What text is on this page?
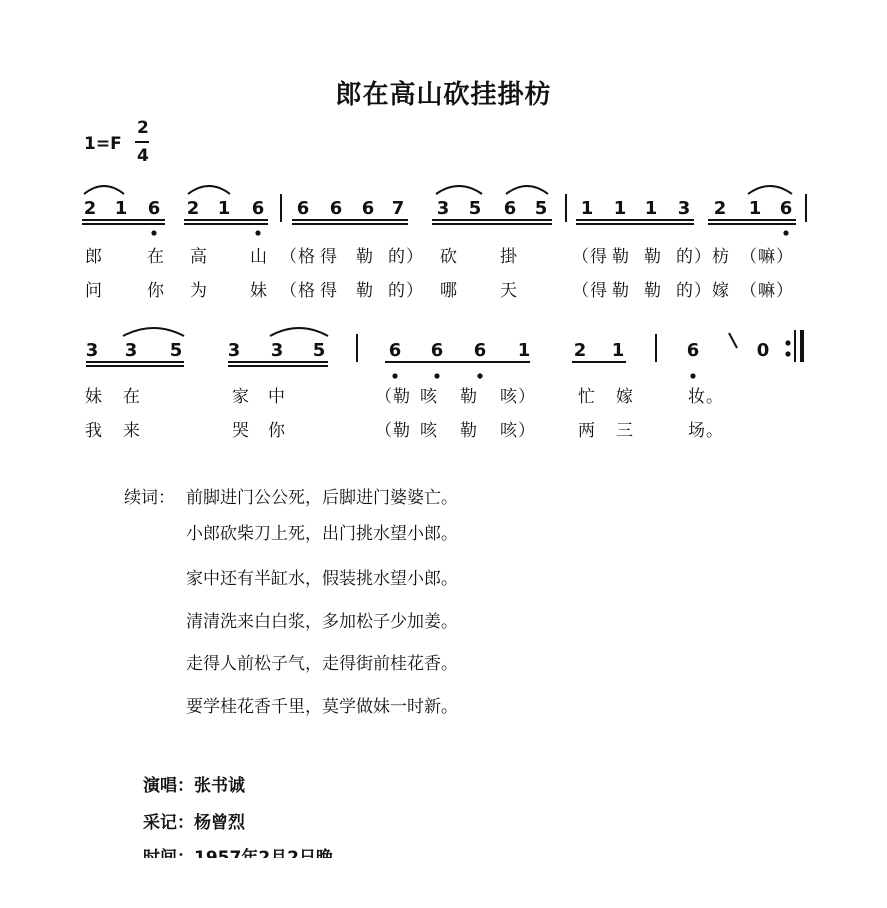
郎在高山砍挂掛枋
1=F
2
4
2 1 6 2 1 6 6 6 6 7 3 5 6 5 1 1 1 3 2 1 6
郎	在 高 山 （格 得 勒 的） 砍 掛	（得 勒 勒 的） 枋 （嘛）
问	你 为 妹 （格 得 勒 的） 哪 天	（得 勒 勒 的） 嫁 （嘛）
3 3 5	3 3 5	6 6 6 1 2 1	6	0
妹 在	家 中	（勒 咳 勒 咳） 忙 嫁	妆。
我 来	哭 你	（勒 咳 勒 咳） 两 三	场。
续词： 前脚进门公公死，后脚进门婆婆亡。
小郎砍柴刀上死，出门挑水望小郎。
家中还有半缸水，假装挑水望小郎。
清清洗来白白浆，多加松子少加姜。
走得人前松子气，走得街前桂花香。
要学桂花香千里，莫学做妹一时新。
演唱：张书诚
采记：杨曾烈
